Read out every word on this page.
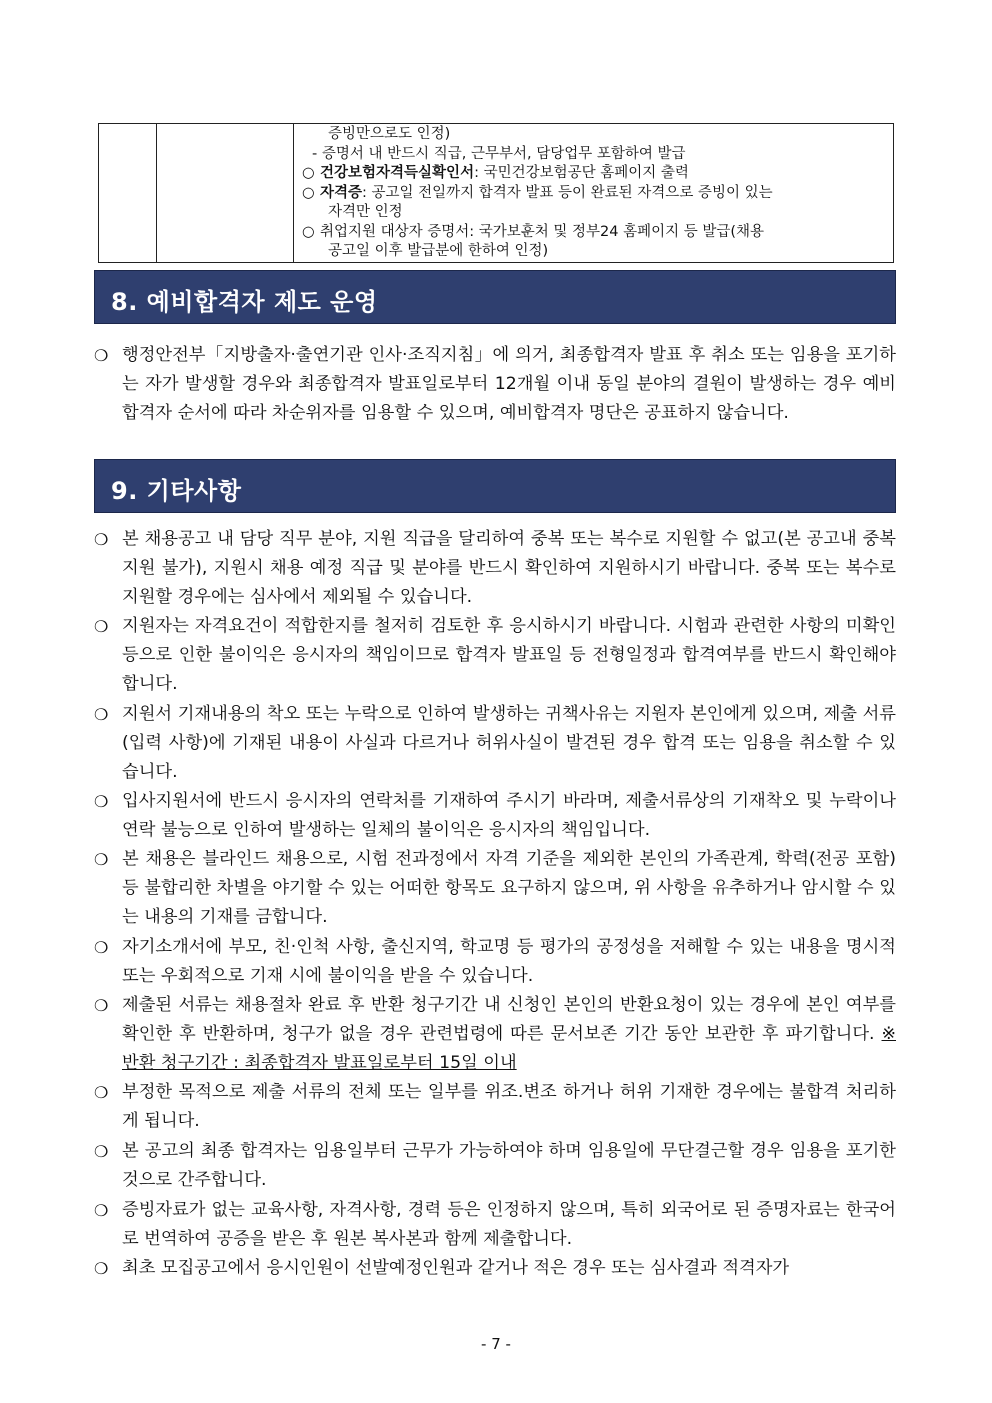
증빙만으로도 인정)
- 증명서 내 반드시 직급, 근무부서, 담당업무 포함하여 발급
○ 건강보험자격득실확인서: 국민건강보험공단 홈페이지 출력
○ 자격증: 공고일 전일까지 합격자 발표 등이 완료된 자격으로 증빙이 있는
자격만 인정
○ 취업지원 대상자 증명서: 국가보훈처 및 정부24 홈페이지 등 발급(채용
공고일 이후 발급분에 한하여 인정)
8. 예비합격자 제도 운영
❍ 행정안전부「지방출자·출연기관 인사·조직지침」에 의거, 최종합격자 발표 후 취소 또는 임용을 포기하는 자가 발생할 경우와 최종합격자 발표일로부터 12개월 이내 동일 분야의 결원이 발생하는 경우 예비합격자 순서에 따라 차순위자를 임용할 수 있으며, 예비합격자 명단은 공표하지 않습니다.
9. 기타사항
❍ 본 채용공고 내 담당 직무 분야, 지원 직급을 달리하여 중복 또는 복수로 지원할 수 없고(본 공고내 중복지원 불가), 지원시 채용 예정 직급 및 분야를 반드시 확인하여 지원하시기 바랍니다. 중복 또는 복수로 지원할 경우에는 심사에서 제외될 수 있습니다.
❍ 지원자는 자격요건이 적합한지를 철저히 검토한 후 응시하시기 바랍니다. 시험과 관련한 사항의 미확인 등으로 인한 불이익은 응시자의 책임이므로 합격자 발표일 등 전형일정과 합격여부를 반드시 확인해야 합니다.
❍ 지원서 기재내용의 착오 또는 누락으로 인하여 발생하는 귀책사유는 지원자 본인에게 있으며, 제출 서류(입력 사항)에 기재된 내용이 사실과 다르거나 허위사실이 발견된 경우 합격 또는 임용을 취소할 수 있습니다.
❍ 입사지원서에 반드시 응시자의 연락처를 기재하여 주시기 바라며, 제출서류상의 기재착오 및 누락이나 연락 불능으로 인하여 발생하는 일체의 불이익은 응시자의 책임입니다.
❍ 본 채용은 블라인드 채용으로, 시험 전과정에서 자격 기준을 제외한 본인의 가족관계, 학력(전공 포함) 등 불합리한 차별을 야기할 수 있는 어떠한 항목도 요구하지 않으며, 위 사항을 유추하거나 암시할 수 있는 내용의 기재를 금합니다.
❍ 자기소개서에 부모, 친·인척 사항, 출신지역, 학교명 등 평가의 공정성을 저해할 수 있는 내용을 명시적 또는 우회적으로 기재 시에 불이익을 받을 수 있습니다.
❍ 제출된 서류는 채용절차 완료 후 반환 청구기간 내 신청인 본인의 반환요청이 있는 경우에 본인 여부를 확인한 후 반환하며, 청구가 없을 경우 관련법령에 따른 문서보존 기간 동안 보관한 후 파기합니다. ※ 반환 청구기간 : 최종합격자 발표일로부터 15일 이내
❍ 부정한 목적으로 제출 서류의 전체 또는 일부를 위조.변조 하거나 허위 기재한 경우에는 불합격 처리하게 됩니다.
❍ 본 공고의 최종 합격자는 임용일부터 근무가 가능하여야 하며 임용일에 무단결근할 경우 임용을 포기한 것으로 간주합니다.
❍ 증빙자료가 없는 교육사항, 자격사항, 경력 등은 인정하지 않으며, 특히 외국어로 된 증명자료는 한국어로 번역하여 공증을 받은 후 원본 복사본과 함께 제출합니다.
❍ 최초 모집공고에서 응시인원이 선발예정인원과 같거나 적은 경우 또는 심사결과 적격자가
- 7 -
